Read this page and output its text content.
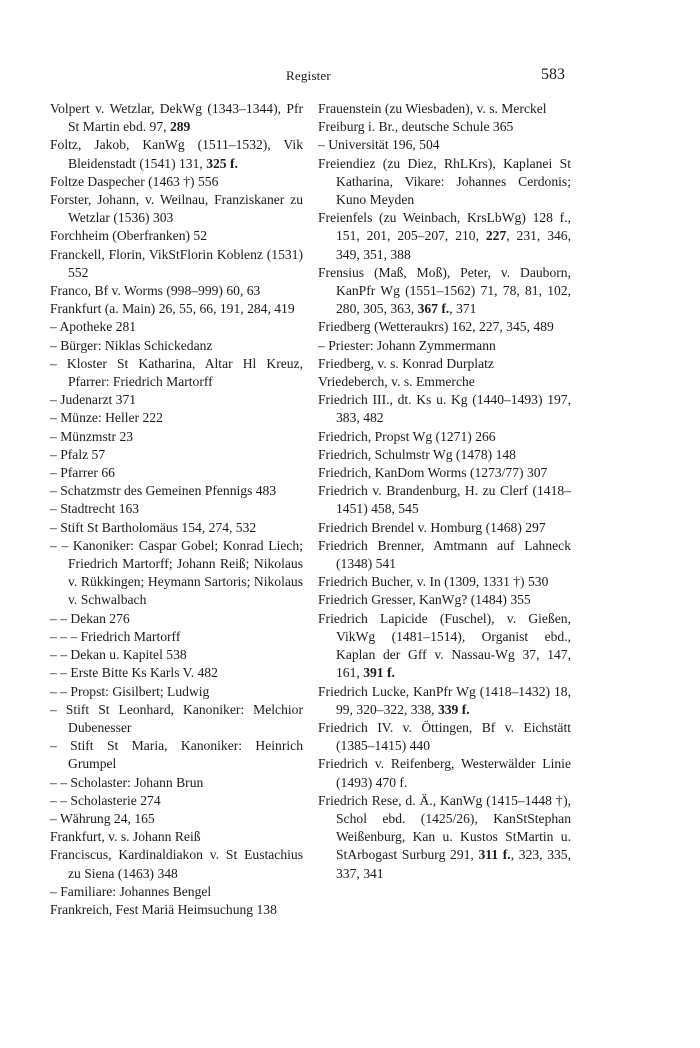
Register	583

Volpert v. Wetzlar, DekWg (1343–1344), Pfr St Martin ebd. 97, 289

Foltz, Jakob, KanWg (1511–1532), Vik Bleidenstadt (1541) 131, 325 f.

Foltze Daspecher (1463 †) 556

Forster, Johann, v. Weilnau, Franziskaner zu Wetzlar (1536) 303

Forchheim (Oberfranken) 52

Franckell, Florin, VikStFlorin Koblenz (1531) 552

Franco, Bf v. Worms (998–999) 60, 63

Frankfurt (a. Main) 26, 55, 66, 191, 284, 419

– Apotheke 281

– Bürger: Niklas Schickedanz

– Kloster St Katharina, Altar Hl Kreuz, Pfarrer: Friedrich Martorff

– Judenarzt 371

– Münze: Heller 222

– Münzmstr 23

– Pfalz 57

– Pfarrer 66

– Schatzmstr des Gemeinen Pfennigs 483

– Stadtrecht 163

– Stift St Bartholomäus 154, 274, 532

– – Kanoniker: Caspar Gobel; Konrad Liech; Friedrich Martorff; Johann Reiß; Nikolaus v. Rükkingen; Heymann Sartoris; Nikolaus v. Schwalbach

– – Dekan 276

– – – Friedrich Martorff

– – Dekan u. Kapitel 538

– – Erste Bitte Ks Karls V. 482

– – Propst: Gisilbert; Ludwig

– Stift St Leonhard, Kanoniker: Melchior Dubenesser

– Stift St Maria, Kanoniker: Heinrich Grumpel

– – Scholaster: Johann Brun

– – Scholasterie 274

– Währung 24, 165

Frankfurt, v. s. Johann Reiß

Franciscus, Kardinaldiakon v. St Eustachius zu Siena (1463) 348

– Familiare: Johannes Bengel

Frankreich, Fest Mariä Heimsuchung 138

Frauenstein (zu Wiesbaden), v. s. Merckel

Freiburg i. Br., deutsche Schule 365

– Universität 196, 504

Freiendiez (zu Diez, RhLKrs), Kaplanei St Katharina, Vikare: Johannes Cerdonis; Kuno Meyden

Freienfels (zu Weinbach, KrsLbWg) 128 f., 151, 201, 205–207, 210, 227, 231, 346, 349, 351, 388

Frensius (Maß, Moß), Peter, v. Dauborn, KanPfr Wg (1551–1562) 71, 78, 81, 102, 280, 305, 363, 367 f., 371

Friedberg (Wetteraukrs) 162, 227, 345, 489

– Priester: Johann Zymmermann

Friedberg, v. s. Konrad Durplatz

Vriedeberch, v. s. Emmerche

Friedrich III., dt. Ks u. Kg (1440–1493) 197, 383, 482

Friedrich, Propst Wg (1271) 266

Friedrich, Schulmstr Wg (1478) 148

Friedrich, KanDom Worms (1273/77) 307

Friedrich v. Brandenburg, H. zu Clerf (1418–1451) 458, 545

Friedrich Brendel v. Homburg (1468) 297

Friedrich Brenner, Amtmann auf Lahneck (1348) 541

Friedrich Bucher, v. In (1309, 1331 †) 530

Friedrich Gresser, KanWg? (1484) 355

Friedrich Lapicide (Fuschel), v. Gießen, VikWg (1481–1514), Organist ebd., Kaplan der Gff v. Nassau-Wg 37, 147, 161, 391 f.

Friedrich Lucke, KanPfr Wg (1418–1432) 18, 99, 320–322, 338, 339 f.

Friedrich IV. v. Öttingen, Bf v. Eichstätt (1385–1415) 440

Friedrich v. Reifenberg, Westerwälder Linie (1493) 470 f.

Friedrich Rese, d. Ä., KanWg (1415–1448 †), Schol ebd. (1425/26), KanStStephan Weißenburg, Kan u. Kustos StMartin u. StArbogast Surburg 291, 311 f., 323, 335, 337, 341
